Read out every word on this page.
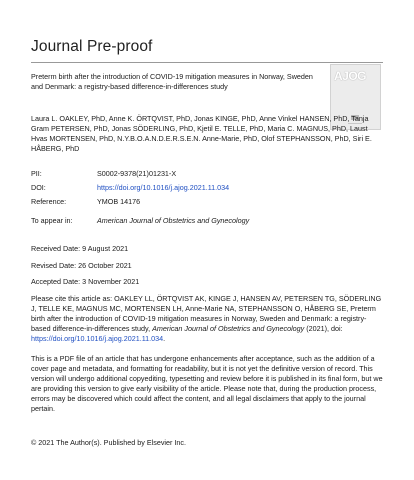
Journal Pre-proof
AJOG
Preterm birth after the introduction of COVID-19 mitigation measures in Norway, Sweden and Denmark: a registry-based difference-in-differences study
Laura L. OAKLEY, PhD, Anne K. ÖRTQVIST, PhD, Jonas KINGE, PhD, Anne Vinkel HANSEN, PhD, Tanja Gram PETERSEN, PhD, Jonas SÖDERLING, PhD, Kjetil E. TELLE, PhD, Maria C. MAGNUS, PhD, Laust Hvas MORTENSEN, PhD, N.Y.B.O.A.N.D.E.R.S.E.N. Anne-Marie, PhD, Olof STEPHANSSON, PhD, Siri E. HÅBERG, PhD
PII:	S0002-9378(21)01231-X
DOI:	https://doi.org/10.1016/j.ajog.2021.11.034
Reference:	YMOB 14176
To appear in:	American Journal of Obstetrics and Gynecology
Received Date: 9 August 2021
Revised Date: 26 October 2021
Accepted Date: 3 November 2021
Please cite this article as: OAKLEY LL, ÖRTQVIST AK, KINGE J, HANSEN AV, PETERSEN TG, SÖDERLING J, TELLE KE, MAGNUS MC, MORTENSEN LH, Anne-Marie NA, STEPHANSSON O, HÅBERG SE, Preterm birth after the introduction of COVID-19 mitigation measures in Norway, Sweden and Denmark: a registry-based difference-in-differences study, American Journal of Obstetrics and Gynecology (2021), doi: https://doi.org/10.1016/j.ajog.2021.11.034.
This is a PDF file of an article that has undergone enhancements after acceptance, such as the addition of a cover page and metadata, and formatting for readability, but it is not yet the definitive version of record. This version will undergo additional copyediting, typesetting and review before it is published in its final form, but we are providing this version to give early visibility of the article. Please note that, during the production process, errors may be discovered which could affect the content, and all legal disclaimers that apply to the journal pertain.
© 2021 The Author(s). Published by Elsevier Inc.
